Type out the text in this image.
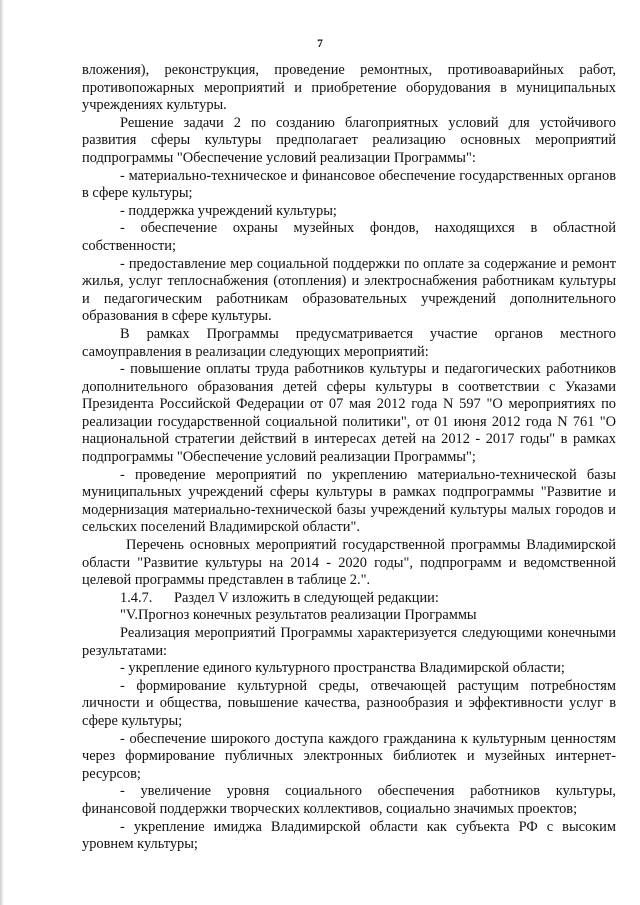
7

вложения), реконструкция, проведение ремонтных, противоаварийных работ, противопожарных мероприятий и приобретение оборудования в муниципальных учреждениях культуры.

Решение задачи 2 по созданию благоприятных условий для устойчивого развития сферы культуры предполагает реализацию основных мероприятий подпрограммы "Обеспечение условий реализации Программы":

- материально-техническое и финансовое обеспечение государственных органов в сфере культуры;

- поддержка учреждений культуры;

- обеспечение охраны музейных фондов, находящихся в областной собственности;

- предоставление мер социальной поддержки по оплате за содержание и ремонт жилья, услуг теплоснабжения (отопления) и электроснабжения работникам культуры и педагогическим работникам образовательных учреждений дополнительного образования в сфере культуры.

В рамках Программы предусматривается участие органов местного самоуправления в реализации следующих мероприятий:

- повышение оплаты труда работников культуры и педагогических работников дополнительного образования детей сферы культуры в соответствии с Указами Президента Российской Федерации от 07 мая 2012 года N 597 "О мероприятиях по реализации государственной социальной политики", от 01 июня 2012 года N 761 "О национальной стратегии действий в интересах детей на 2012 - 2017 годы" в рамках подпрограммы "Обеспечение условий реализации Программы";

- проведение мероприятий по укреплению материально-технической базы муниципальных учреждений сферы культуры в рамках подпрограммы "Развитие и модернизация материально-технической базы учреждений культуры малых городов и сельских поселений Владимирской области".

Перечень основных мероприятий государственной программы Владимирской области "Развитие культуры на 2014 - 2020 годы", подпрограмм и ведомственной целевой программы представлен в таблице 2.".

1.4.7.      Раздел V изложить в следующей редакции:

"V.Прогноз конечных результатов реализации Программы

Реализация мероприятий Программы характеризуется следующими конечными результатами:

- укрепление единого культурного пространства Владимирской области;

- формирование культурной среды, отвечающей растущим потребностям личности и общества, повышение качества, разнообразия и эффективности услуг в сфере культуры;

- обеспечение широкого доступа каждого гражданина к культурным ценностям через формирование публичных электронных библиотек и музейных интернет-ресурсов;

- увеличение уровня социального обеспечения работников культуры, финансовой поддержки творческих коллективов, социально значимых проектов;

- укрепление имиджа Владимирской области как субъекта РФ с высоким уровнем культуры;
